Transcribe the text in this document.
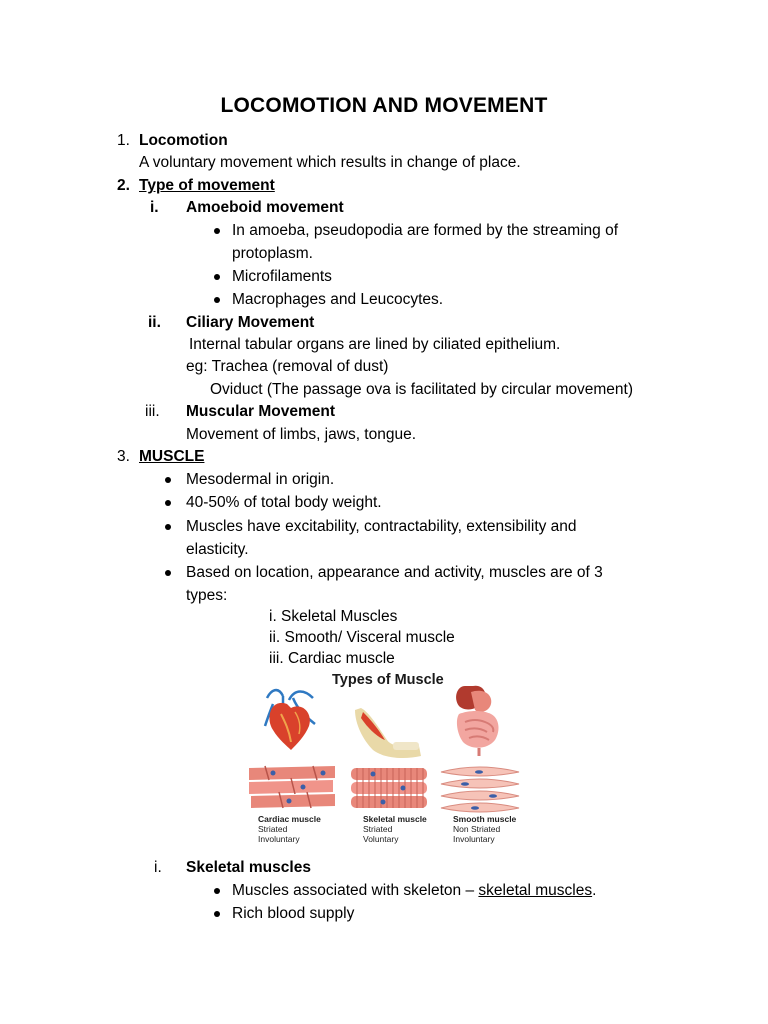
LOCOMOTION AND MOVEMENT
1. Locomotion
A voluntary movement which results in change of place.
2. Type of movement
i. Amoeboid movement
In amoeba, pseudopodia are formed by the streaming of
protoplasm.
Microfilaments
Macrophages and Leucocytes.
ii. Ciliary Movement
Internal tabular organs are lined by ciliated epithelium.
eg: Trachea (removal of dust)
Oviduct (The passage ova is facilitated by circular movement)
iii. Muscular Movement
Movement of limbs, jaws, tongue.
3. MUSCLE
Mesodermal in origin.
40-50% of total body weight.
Muscles have excitability, contractability, extensibility and
elasticity.
Based on location, appearance and activity, muscles are of 3
types:
i. Skeletal Muscles
ii. Smooth/ Visceral muscle
iii. Cardiac muscle
Types of Muscle
Cardiac muscle
Striated
Involuntary
Skeletal muscle
Striated
Voluntary
Smooth muscle
Non Striated
Involuntary
i. Skeletal muscles
Muscles associated with skeleton – skeletal muscles.
Rich blood supply
